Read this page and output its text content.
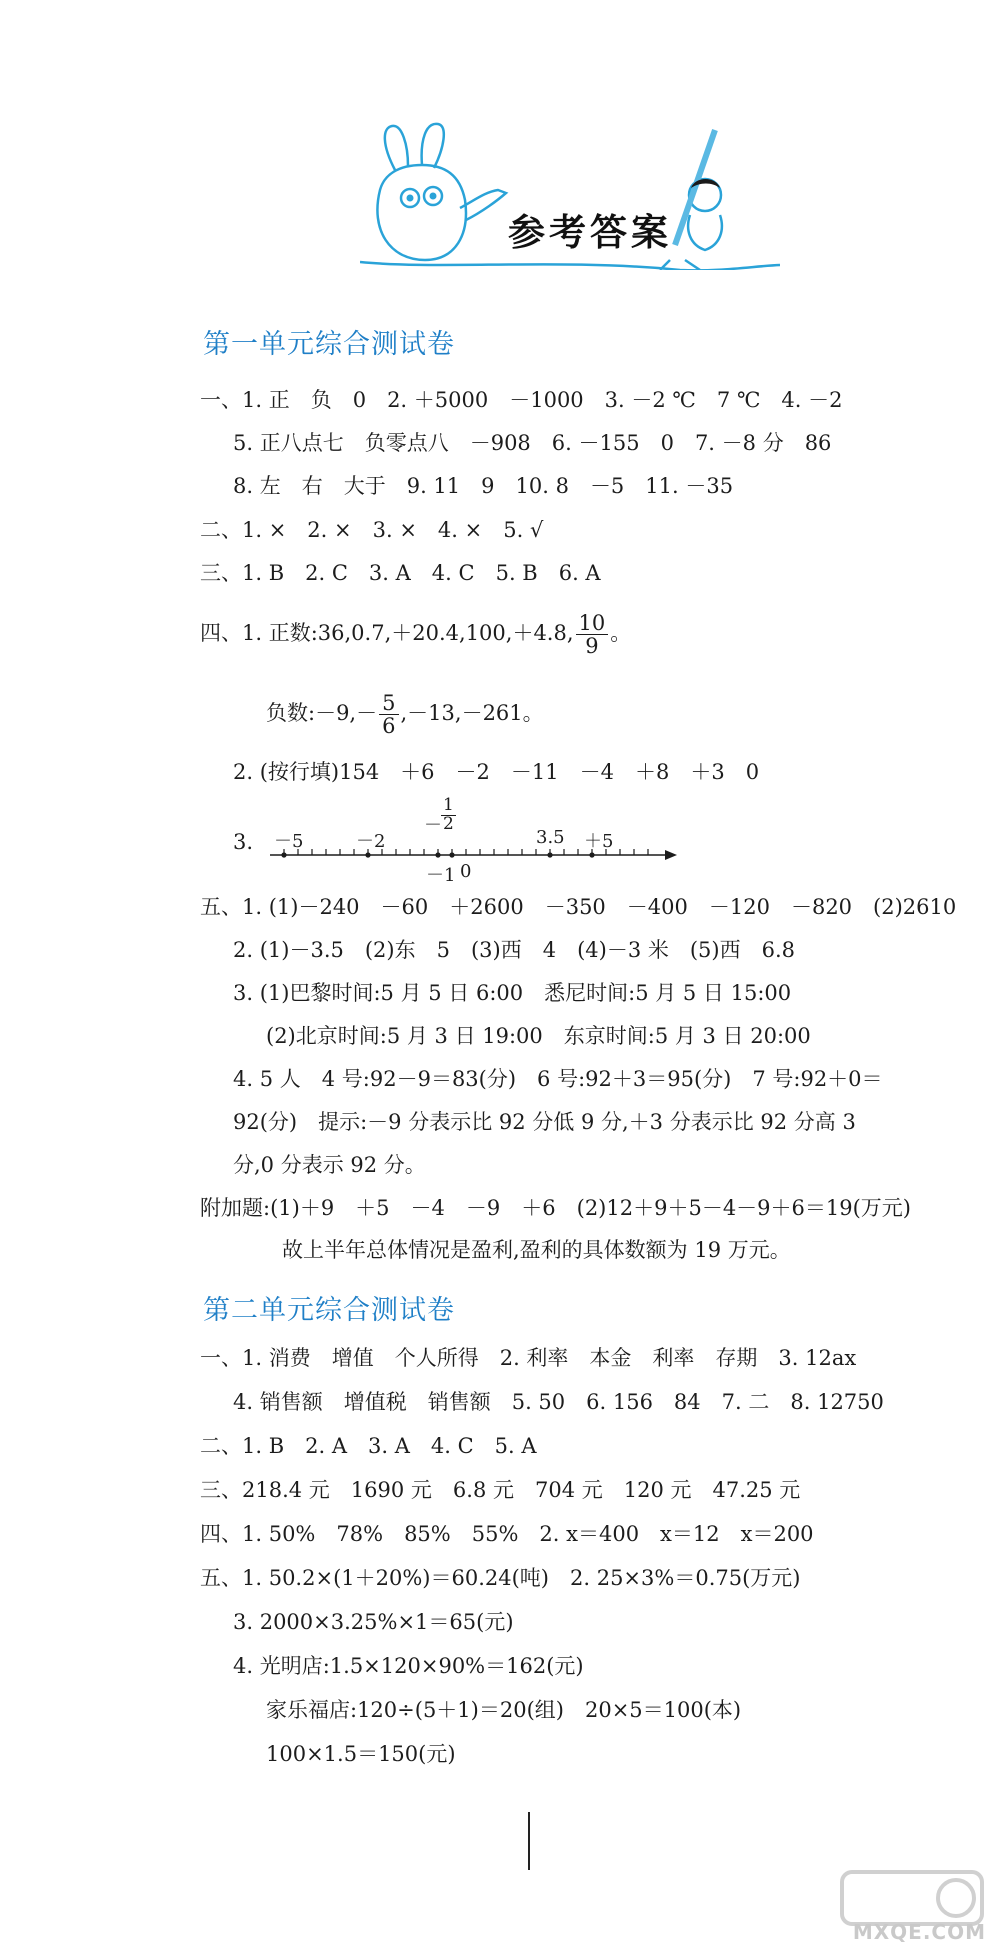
参考答案
第一单元综合测试卷
一、1. 正　负　0　2. ＋5000　－1000　3. －2 ℃　7 ℃　4. －2
5. 正八点七　负零点八　－908　6. －155　0　7. －8 分　86
8. 左　右　大于　9. 11　9　10. 8　－5　11. －35
二、1. ×　2. ×　3. ×　4. ×　5. √
三、1. B　2. C　3. A　4. C　5. B　6. A
四、1. 正数:36,0.7,＋20.4,100,＋4.8, $\frac{10}{9}$ 。
负数:－9,－ $\frac{5}{6} ,-13,-261$。
2. (按行填)154　＋6　－2　－11　－4　＋8　＋3　0
3. －5	－2
－ $\frac{1}{2}$
3.5 ＋5
－1 0
五、1. (1)－240　－60　＋2600　－350　－400　－120　－820　(2)2610
2. (1)－3.5　(2)东　5　(3)西　4　(4)－3 米　(5)西　6.8
3. (1)巴黎时间:5 月 5 日 6:00　悉尼时间:5 月 5 日 15:00
(2)北京时间:5 月 3 日 19:00　东京时间:5 月 3 日 20:00
4. 5 人　4 号:92－9＝83(分)　6 号:92＋3＝95(分)　7 号:92＋0＝
92(分)　提示:－9 分表示比 92 分低 9 分,＋3 分表示比 92 分高 3
分,0 分表示 92 分。
附加题:(1)＋9　＋5　－4　－9　＋6　(2)12＋9＋5－4－9＋6＝19(万元)
故上半年总体情况是盈利,盈利的具体数额为 19 万元。
第二单元综合测试卷
一、1. 消费　增值　个人所得　2. 利率　本金　利率　存期　3. 12ax
4. 销售额　增值税　销售额　5. 50　6. 156　84　7. 二　8. 12750
二、1. B　2. A　3. A　4. C　5. A
三、218.4 元　1690 元　6.8 元　704 元　120 元　47.25 元
四、1. 50%　78%　85%　55%　2. x＝400　x＝12　x＝200
五、1. 50.2×(1＋20%)＝60.24(吨)　2. 25×3%＝0.75(万元)
3. 2000×3.25%×1＝65(元)
4. 光明店:1.5×120×90%＝162(元)
家乐福店:120÷(5＋1)＝20(组)　20×5＝100(本)
100×1.5＝150(元)
MXQE.COM
